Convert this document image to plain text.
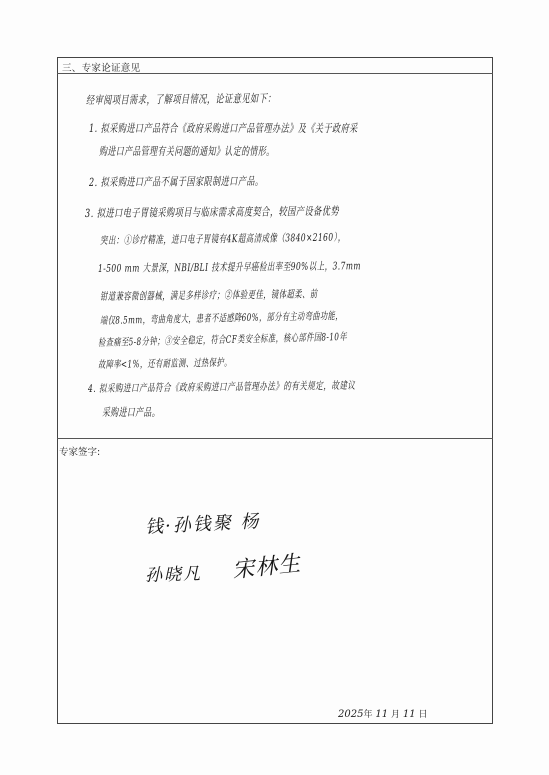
三、专家论证意见
经审阅项目需求，了解项目情况，论证意见如下：
1. 拟采购进口产品符合《政府采购进口产品管理办法》及《关于政府采
购进口产品管理有关问题的通知》认定的情形。
2. 拟采购进口产品不属于国家限制进口产品。
3. 拟进口电子胃镜采购项目与临床需求高度契合，较国产设备优势
突出：①诊疗精准，进口电子胃镜有4K超高清成像（3840×2160），
1-500 mm 大景深，NBI/BLI 技术提升早癌检出率至90%以上，3.7mm
钳道兼容微创器械，满足多样诊疗；②体验更佳，镜体超柔、前
端仅8.5mm，弯曲角度大，患者不适感降60%，部分有主动弯曲功能，
检查痛至5-8分钟；③安全稳定，符合CF类安全标准，核心部件国8-10年
故障率<1%，还有耐监测、过热保护。
4. 拟采购进口产品符合《政府采购进口产品管理办法》的有关规定，故建议
采购进口产品。
专家签字:
钱·孙钱聚 杨
孙晓凡 宋林生
2025年 11 月 11 日
